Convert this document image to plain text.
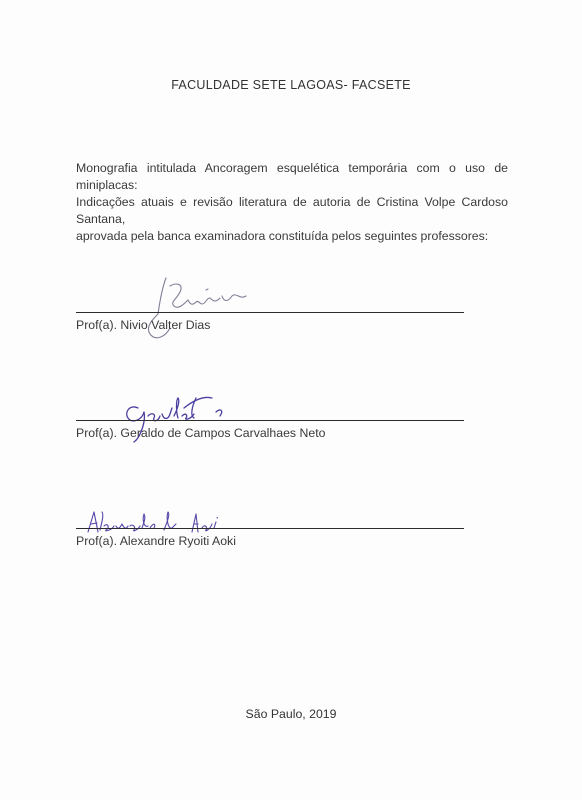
FACULDADE SETE LAGOAS- FACSETE
Monografia intitulada Ancoragem esquelética temporária com o uso de miniplacas:
Indicações atuais e revisão literatura de autoria de Cristina Volpe Cardoso Santana,
aprovada pela banca examinadora constituída pelos seguintes professores:
Prof(a). Nivio Valter Dias
Prof(a). Geraldo de Campos Carvalhaes Neto
Prof(a). Alexandre Ryoiti Aoki
São Paulo, 2019
